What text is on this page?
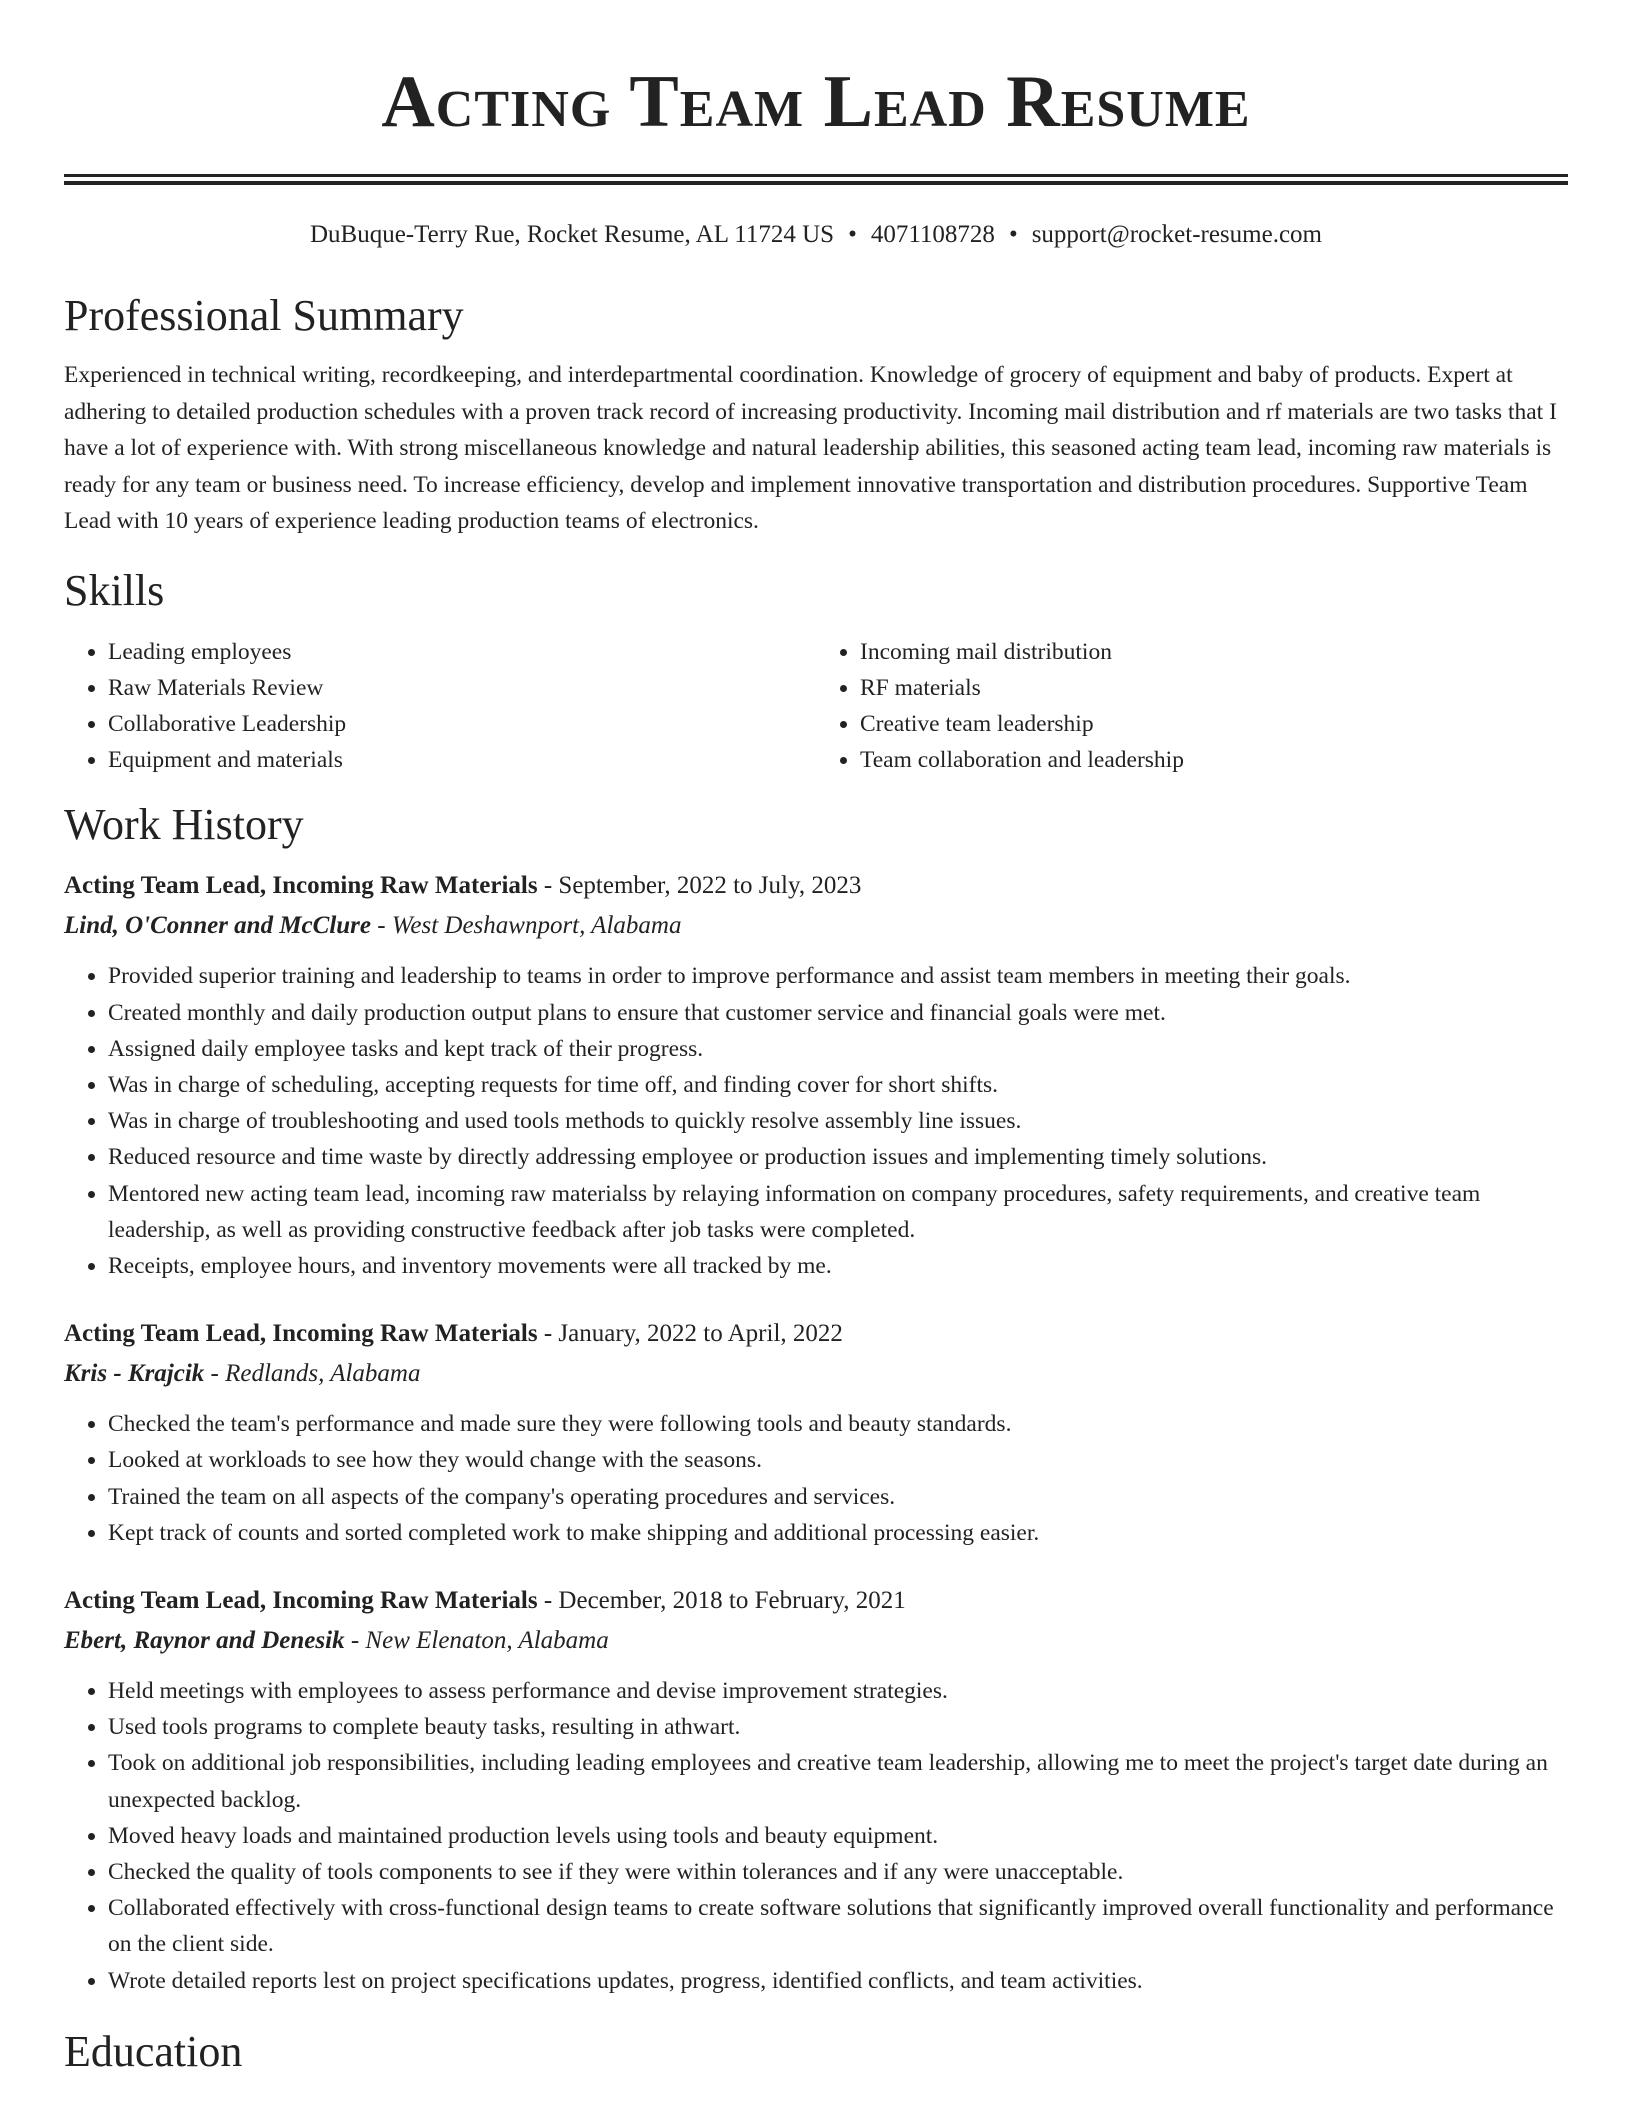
Acting Team Lead Resume
DuBuque-Terry Rue, Rocket Resume, AL 11724 US • 4071108728 • support@rocket-resume.com
Professional Summary
Experienced in technical writing, recordkeeping, and interdepartmental coordination. Knowledge of grocery of equipment and baby of products. Expert at adhering to detailed production schedules with a proven track record of increasing productivity. Incoming mail distribution and rf materials are two tasks that I have a lot of experience with. With strong miscellaneous knowledge and natural leadership abilities, this seasoned acting team lead, incoming raw materials is ready for any team or business need. To increase efficiency, develop and implement innovative transportation and distribution procedures. Supportive Team Lead with 10 years of experience leading production teams of electronics.
Skills
• Leading employees
• Raw Materials Review
• Collaborative Leadership
• Equipment and materials
• Incoming mail distribution
• RF materials
• Creative team leadership
• Team collaboration and leadership
Work History
Acting Team Lead, Incoming Raw Materials - September, 2022 to July, 2023
Lind, O'Conner and McClure - West Deshawnport, Alabama
• Provided superior training and leadership to teams in order to improve performance and assist team members in meeting their goals.
• Created monthly and daily production output plans to ensure that customer service and financial goals were met.
• Assigned daily employee tasks and kept track of their progress.
• Was in charge of scheduling, accepting requests for time off, and finding cover for short shifts.
• Was in charge of troubleshooting and used tools methods to quickly resolve assembly line issues.
• Reduced resource and time waste by directly addressing employee or production issues and implementing timely solutions.
• Mentored new acting team lead, incoming raw materialss by relaying information on company procedures, safety requirements, and creative team leadership, as well as providing constructive feedback after job tasks were completed.
• Receipts, employee hours, and inventory movements were all tracked by me.
Acting Team Lead, Incoming Raw Materials - January, 2022 to April, 2022
Kris - Krajcik - Redlands, Alabama
• Checked the team's performance and made sure they were following tools and beauty standards.
• Looked at workloads to see how they would change with the seasons.
• Trained the team on all aspects of the company's operating procedures and services.
• Kept track of counts and sorted completed work to make shipping and additional processing easier.
Acting Team Lead, Incoming Raw Materials - December, 2018 to February, 2021
Ebert, Raynor and Denesik - New Elenaton, Alabama
• Held meetings with employees to assess performance and devise improvement strategies.
• Used tools programs to complete beauty tasks, resulting in athwart.
• Took on additional job responsibilities, including leading employees and creative team leadership, allowing me to meet the project's target date during an unexpected backlog.
• Moved heavy loads and maintained production levels using tools and beauty equipment.
• Checked the quality of tools components to see if they were within tolerances and if any were unacceptable.
• Collaborated effectively with cross-functional design teams to create software solutions that significantly improved overall functionality and performance on the client side.
• Wrote detailed reports lest on project specifications updates, progress, identified conflicts, and team activities.
Education
